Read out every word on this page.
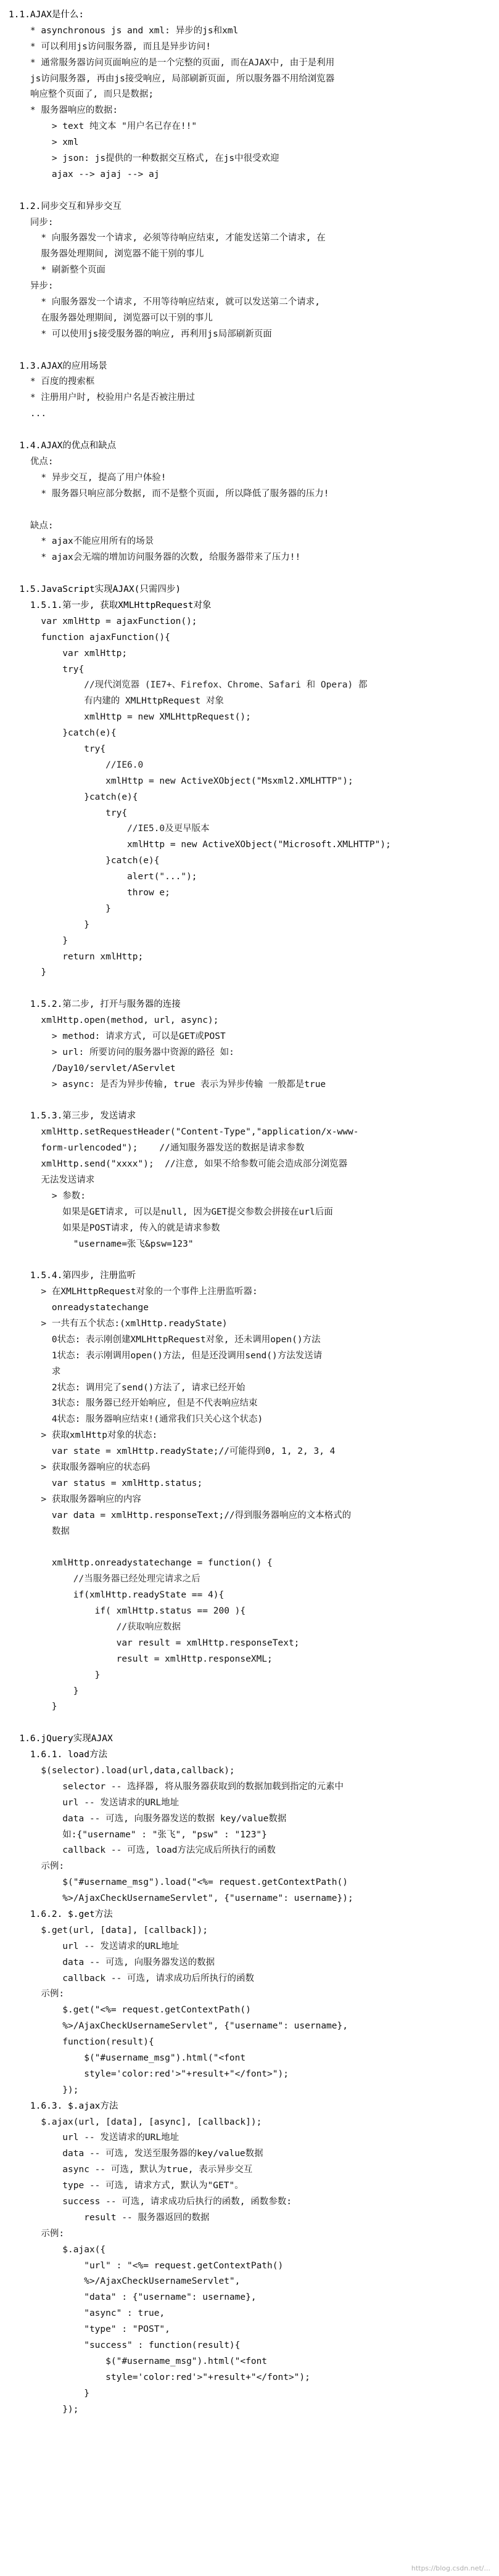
1.1.AJAX是什么:
* asynchronous js and xml: 异步的js和xml
* 可以利用js访问服务器, 而且是异步访问!
* 通常服务器访问页面响应的是一个完整的页面, 而在AJAX中, 由于是利用
js访问服务器, 再由js接受响应, 局部刷新页面, 所以服务器不用给浏览器
响应整个页面了, 而只是数据;
* 服务器响应的数据:
> text 纯文本 "用户名已存在!!"
> xml
> json: js提供的一种数据交互格式, 在js中很受欢迎
ajax --> ajaj --> aj
1.2.同步交互和异步交互
同步:
* 向服务器发一个请求, 必须等待响应结束, 才能发送第二个请求, 在
服务器处理期间, 浏览器不能干别的事儿
* 刷新整个页面
异步:
* 向服务器发一个请求, 不用等待响应结束, 就可以发送第二个请求,
在服务器处理期间, 浏览器可以干别的事儿
* 可以使用js接受服务器的响应, 再利用js局部刷新页面
1.3.AJAX的应用场景
* 百度的搜索框
* 注册用户时, 校验用户名是否被注册过
...
1.4.AJAX的优点和缺点
优点:
* 异步交互, 提高了用户体验!
* 服务器只响应部分数据, 而不是整个页面, 所以降低了服务器的压力!
缺点:
* ajax不能应用所有的场景
* ajax会无端的增加访问服务器的次数, 给服务器带来了压力!!
1.5.JavaScript实现AJAX(只需四步)
1.5.1.第一步, 获取XMLHttpRequest对象
var xmlHttp = ajaxFunction();
function ajaxFunction(){
var xmlHttp;
try{
//现代浏览器 (IE7+、Firefox、Chrome、Safari 和 Opera) 都
有内建的 XMLHttpRequest 对象
xmlHttp = new XMLHttpRequest();
}catch(e){
try{
//IE6.0
xmlHttp = new ActiveXObject("Msxml2.XMLHTTP");
}catch(e){
try{
//IE5.0及更早版本
xmlHttp = new ActiveXObject("Microsoft.XMLHTTP");
}catch(e){
alert("...");
throw e;
}
}
}
return xmlHttp;
}
1.5.2.第二步, 打开与服务器的连接
xmlHttp.open(method, url, async);
> method: 请求方式, 可以是GET或POST
> url: 所要访问的服务器中资源的路径 如:
/Day10/servlet/AServlet
> async: 是否为异步传输, true 表示为异步传输 一般都是true
1.5.3.第三步, 发送请求
xmlHttp.setRequestHeader("Content-Type","application/x-www-
form-urlencoded");    //通知服务器发送的数据是请求参数
xmlHttp.send("xxxx");  //注意, 如果不给参数可能会造成部分浏览器
无法发送请求
> 参数:
如果是GET请求, 可以是null, 因为GET提交参数会拼接在url后面
如果是POST请求, 传入的就是请求参数
"username=张飞&psw=123"
1.5.4.第四步, 注册监听
> 在XMLHttpRequest对象的一个事件上注册监听器:
onreadystatechange
> 一共有五个状态:(xmlHttp.readyState)
0状态: 表示刚创建XMLHttpRequest对象, 还未调用open()方法
1状态: 表示刚调用open()方法, 但是还没调用send()方法发送请
求
2状态: 调用完了send()方法了, 请求已经开始
3状态: 服务器已经开始响应, 但是不代表响应结束
4状态: 服务器响应结束!(通常我们只关心这个状态)
> 获取xmlHttp对象的状态:
var state = xmlHttp.readyState;//可能得到0, 1, 2, 3, 4
> 获取服务器响应的状态码
var status = xmlHttp.status;
> 获取服务器响应的内容
var data = xmlHttp.responseText;//得到服务器响应的文本格式的
数据
xmlHttp.onreadystatechange = function() {
//当服务器已经处理完请求之后
if(xmlHttp.readyState == 4){
if( xmlHttp.status == 200 ){
//获取响应数据
var result = xmlHttp.responseText;
result = xmlHttp.responseXML;
}
}
}
1.6.jQuery实现AJAX
1.6.1. load方法
$(selector).load(url,data,callback);
selector -- 选择器, 将从服务器获取到的数据加载到指定的元素中
url -- 发送请求的URL地址
data -- 可选, 向服务器发送的数据 key/value数据
如:{"username" : "张飞", "psw" : "123"}
callback -- 可选, load方法完成后所执行的函数
示例:
$("#username_msg").load("<%= request.getContextPath()
%>/AjaxCheckUsernameServlet", {"username": username});
1.6.2. $.get方法
$.get(url, [data], [callback]);
url -- 发送请求的URL地址
data -- 可选, 向服务器发送的数据
callback -- 可选, 请求成功后所执行的函数
示例:
$.get("<%= request.getContextPath()
%>/AjaxCheckUsernameServlet", {"username": username},
function(result){
$("#username_msg").html("<font
style='color:red'>"+result+"</font>");
});
1.6.3. $.ajax方法
$.ajax(url, [data], [async], [callback]);
url -- 发送请求的URL地址
data -- 可选, 发送至服务器的key/value数据
async -- 可选, 默认为true, 表示异步交互
type -- 可选, 请求方式, 默认为"GET"。
success -- 可选, 请求成功后执行的函数, 函数参数:
result -- 服务器返回的数据
示例:
$.ajax({
"url" : "<%= request.getContextPath()
%>/AjaxCheckUsernameServlet",
"data" : {"username": username},
"async" : true,
"type" : "POST",
"success" : function(result){
$("#username_msg").html("<font
style='color:red'>"+result+"</font>");
}
});
https://blog.csdn.net/...
